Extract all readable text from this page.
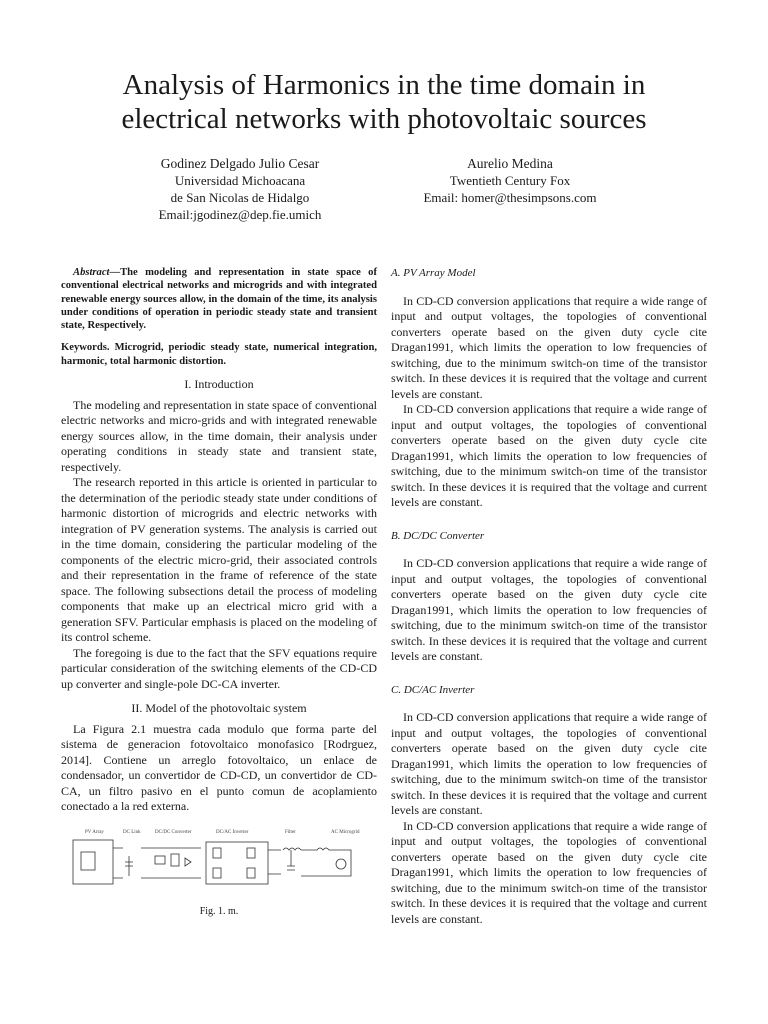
Analysis of Harmonics in the time domain in
electrical networks with photovoltaic sources
Godinez Delgado Julio Cesar
Universidad Michoacana
de San Nicolas de Hidalgo
Email:jgodinez@dep.fie.umich
Aurelio Medina
Twentieth Century Fox
Email: homer@thesimpsons.com

Abstract—The modeling and representation in state space of conventional electrical networks and microgrids and with integrated renewable energy sources allow, in the domain of the time, its analysis under conditions of operation in periodic steady state and transient state, Respectively.

Keywords. Microgrid, periodic steady state, numerical integration, harmonic, total harmonic distortion.

I. Introduction

The modeling and representation in state space of conventional electric networks and micro-grids and with integrated renewable energy sources allow, in the time domain, their analysis under operating conditions in steady state and transient state, respectively.

The research reported in this article is oriented in particular to the determination of the periodic steady state under conditions of harmonic distortion of microgrids and electric networks with integration of PV generation systems. The analysis is carried out in the time domain, considering the particular modeling of the components of the electric micro-grid, their associated controls and their representation in the frame of reference of the state space. The following subsections detail the process of modeling components that make up an electrical micro grid with a generation SFV. Particular emphasis is placed on the modeling of its control scheme.

The foregoing is due to the fact that the SFV equations require particular consideration of the switching elements of the CD-CD up converter and single-pole DC-CA inverter.

II. Model of the photovoltaic system

La Figura 2.1 muestra cada modulo que forma parte del sistema de generacion fotovoltaico monofasico [Rodrguez, 2014]. Contiene un arreglo fotovoltaico, un enlace de condensador, un convertidor de CD-CD, un convertidor de CD-CA, un filtro pasivo en el punto comun de acoplamiento conectado a la red externa.

PV Array	DC Link	DC/DC Converter	DC/AC Inverter	Filter	AC Microgrid
Fig. 1. m.
A. PV Array Model

In CD-CD conversion applications that require a wide range of input and output voltages, the topologies of conventional converters operate based on the given duty cycle cite Dragan1991, which limits the operation to low frequencies of switching, due to the minimum switch-on time of the transistor switch. In these devices it is required that the voltage and current levels are constant.

In CD-CD conversion applications that require a wide range of input and output voltages, the topologies of conventional converters operate based on the given duty cycle cite Dragan1991, which limits the operation to low frequencies of switching, due to the minimum switch-on time of the transistor switch. In these devices it is required that the voltage and current levels are constant.

B. DC/DC Converter

In CD-CD conversion applications that require a wide range of input and output voltages, the topologies of conventional converters operate based on the given duty cycle cite Dragan1991, which limits the operation to low frequencies of switching, due to the minimum switch-on time of the transistor switch. In these devices it is required that the voltage and current levels are constant.

C. DC/AC Inverter

In CD-CD conversion applications that require a wide range of input and output voltages, the topologies of conventional converters operate based on the given duty cycle cite Dragan1991, which limits the operation to low frequencies of switching, due to the minimum switch-on time of the transistor switch. In these devices it is required that the voltage and current levels are constant.

In CD-CD conversion applications that require a wide range of input and output voltages, the topologies of conventional converters operate based on the given duty cycle cite Dragan1991, which limits the operation to low frequencies of switching, due to the minimum switch-on time of the transistor switch. In these devices it is required that the voltage and current levels are constant.
